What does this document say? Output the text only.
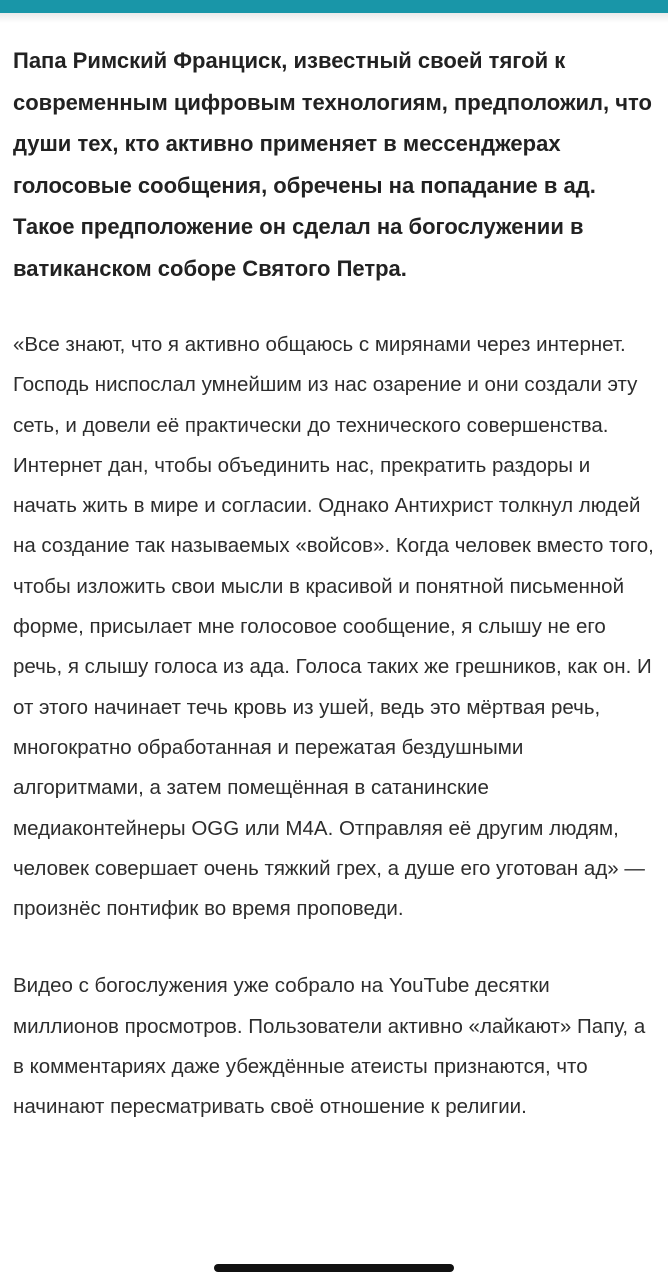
Папа Римский Франциск, известный своей тягой к современным цифровым технологиям, предположил, что души тех, кто активно применяет в мессенджерах голосовые сообщения, обречены на попадание в ад. Такое предположение он сделал на богослужении в ватиканском соборе Святого Петра.

«Все знают, что я активно общаюсь с мирянами через интернет. Господь ниспослал умнейшим из нас озарение и они создали эту сеть, и довели её практически до технического совершенства. Интернет дан, чтобы объединить нас, прекратить раздоры и начать жить в мире и согласии. Однако Антихрист толкнул людей на создание так называемых «войсов». Когда человек вместо того, чтобы изложить свои мысли в красивой и понятной письменной форме, присылает мне голосовое сообщение, я слышу не его речь, я слышу голоса из ада. Голоса таких же грешников, как он. И от этого начинает течь кровь из ушей, ведь это мёртвая речь, многократно обработанная и пережатая бездушными алгоритмами, а затем помещённая в сатанинские медиаконтейнеры OGG или M4A. Отправляя её другим людям, человек совершает очень тяжкий грех, а душе его уготован ад» — произнёс понтифик во время проповеди.

Видео с богослужения уже собрало на YouTube десятки миллионов просмотров. Пользователи активно «лайкают» Папу, а в комментариях даже убеждённые атеисты признаются, что начинают пересматривать своё отношение к религии.
